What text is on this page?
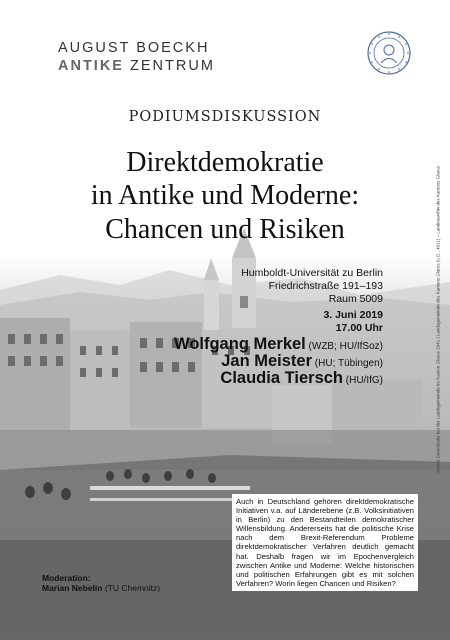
AUGUST BOECKH
ANTIKE ZENTRUM
PODIUMSDISKUSSION
Direktdemokratie
in Antike und Moderne:
Chancen und Risiken
Humboldt-Universität zu Berlin
Friedrichstraße 191–193
Raum 5009
3. Juni 2019
17.00 Uhr
Wolfgang Merkel (WZB; HU/IfSoz)
Jan Meister (HU; Tübingen)
Claudia Tiersch (HU/IfG)
Auch in Deutschland gehören direktdemokratische Initiativen v.a. auf Länderebene (z.B. Volksinitiativen in Berlin) zu den Bestandteilen demokratischer Willensbildung. Andererseits hat die politische Krise nach dem Brexit-Referendum Probleme direktdemokratischer Verfahren deutlich gemacht hat. Deshalb fragen wir im Epochenvergleich zwischen Antike und Moderne: Welche historischen und politischen Erfahrungen gibt es mit solchen Verfahren? Worin liegen Chancen und Risiken?
Moderation:
Marian Nebelin (TU Chemnitz)
Direkte Demokratie bei der Landsgemeinde im Kanton Glarus 1941 | Landsgemeinde des Kantons Glarus (o.D., 4011) – Landesarchiv des Kantons Glarus
